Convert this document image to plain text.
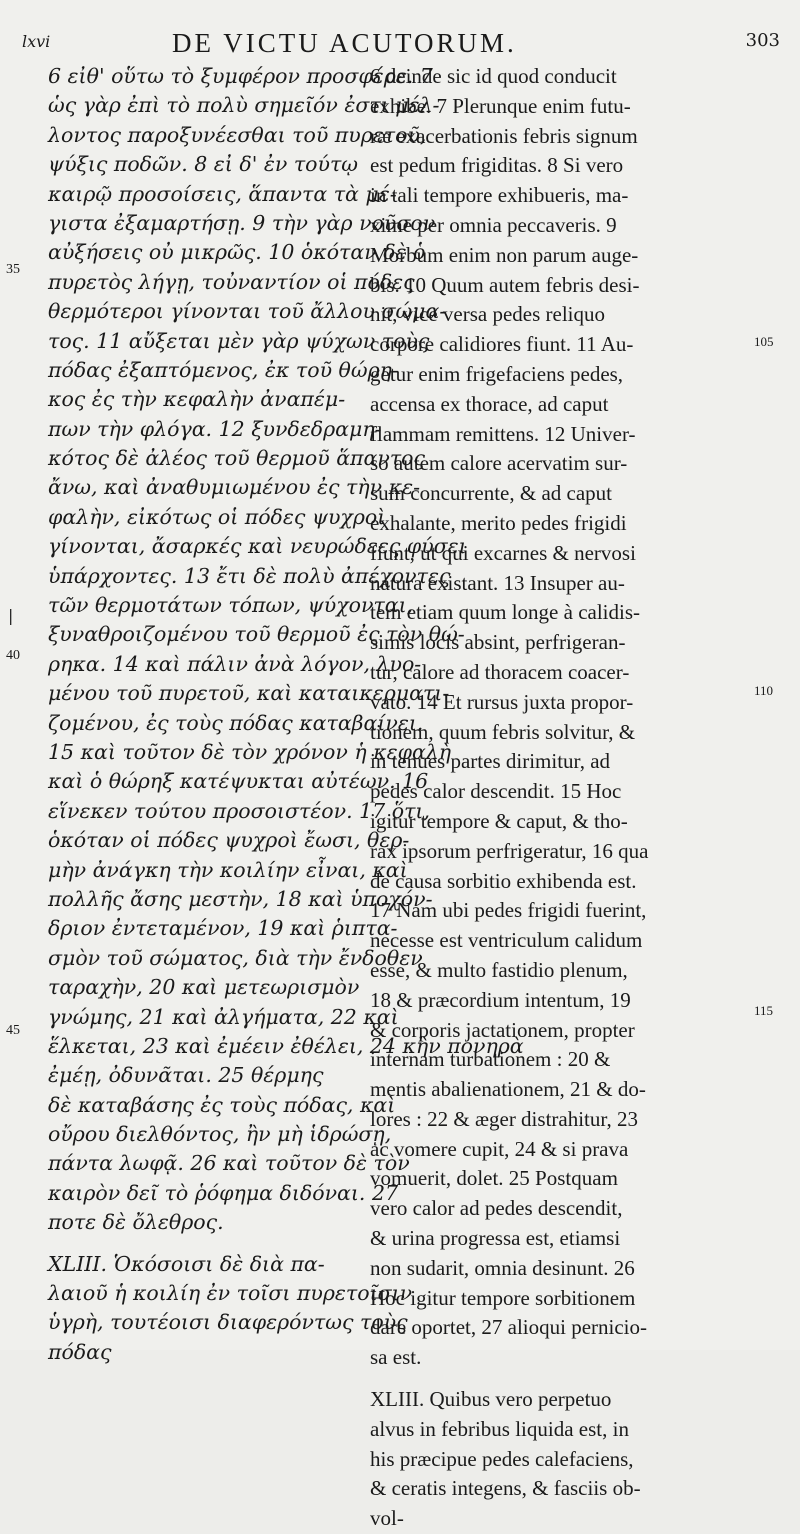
lxvi	DE VICTU ACUTORUM.	303
6 εἰθ' οὕτω τὸ ξυμφέρον προσφέρε. 7
ὡς γὰρ ἐπὶ τὸ πολὺ σημεῖόν ἐστι μέλ-
λοντος παροξυνέεσθαι τοῦ πυρετοῦ,
ψύξις ποδῶν. 8 εἰ δ' ἐν τούτῳ
καιρῷ προσοίσεις, ἅπαντα τὰ μέ-
γιστα ἐξαμαρτήσῃ. 9 τὴν γὰρ νοῦσον
αὐξήσεις οὐ μικρῶς. 10 ὁκόταν δὲ ὁ
πυρετὸς λήγῃ, τοὐναντίον οἱ πόδες
θερμότεροι γίνονται τοῦ ἄλλου σώμα-
τος. 11 αὔξεται μὲν γὰρ ψύχων τοὺς
πόδας ἐξαπτόμενος, ἐκ τοῦ θώρη-
κος ἐς τὴν κεφαλὴν ἀναπέμ-
πων τὴν φλόγα. 12 ξυνδεδραμη-
κότος δὲ ἀλέος τοῦ θερμοῦ ἅπαντος
ἄνω, καὶ ἀναθυμιωμένου ἐς τὴν κε-
φαλὴν, εἰκότως οἱ πόδες ψυχροὶ
γίνονται, ἄσαρκές καὶ νευρώδεες φύσει
ὑπάρχοντες. 13 ἔτι δὲ πολὺ ἀπέχοντες
τῶν θερμοτάτων τόπων, ψύχονται,
ξυναθροιζομένου τοῦ θερμοῦ ἐς τὸν θώ-
ρηκα. 14 καὶ πάλιν ἀνὰ λόγον, λυο-
μένου τοῦ πυρετοῦ, καὶ καταικερματι-
ζομένου, ἐς τοὺς πόδας καταβαίνει.
15 καὶ τοῦτον δὲ τὸν χρόνον ἡ κεφαλὴ
καὶ ὁ θώρηξ κατέψυκται αὐτέων. 16
εἵνεκεν τούτου προσοιστέον. 17 ὅτι,
ὁκόταν οἱ πόδες ψυχροὶ ἔωσι, θερ-
μὴν ἀνάγκη τὴν κοιλίην εἶναι, καὶ
πολλῆς ἄσης μεστὴν, 18 καὶ ὑποχόν-
δριον ἐντεταμένον, 19 καὶ ῥιπτα-
σμὸν τοῦ σώματος, διὰ τὴν ἔνδοθεν
ταραχὴν, 20 καὶ μετεωρισμὸν
γνώμης, 21 καὶ ἀλγήματα, 22 καὶ
ἕλκεται, 23 καὶ ἐμέειν ἐθέλει, 24 κἢν πονηρὰ
ἐμέῃ, ὀδυνᾶται. 25 θέρμης
δὲ καταβάσης ἐς τοὺς πόδας, καὶ
οὔρου διελθόντος, ἢν μὴ ἱδρώσῃ,
πάντα λωφᾷ. 26 καὶ τοῦτον δὲ τὸν
καιρὸν δεῖ τὸ ῥόφημα διδόναι. 27
ποτε δὲ ὄλεθρος.
XLIII. Ὁκόσοισι δὲ διὰ πα-
λαιοῦ ἡ κοιλίη ἐν τοῖσι πυρετοῖσιν
ὑγρὴ, τουτέοισι διαφερόντως τοὺς
πόδας
6 deinde sic id quod conducit
exhibe. 7 Plerunque enim futu-
ræ exacerbationis febris signum
est pedum frigiditas. 8 Si vero
in tali tempore exhibueris, ma-
xime per omnia peccaveris. 9
Morbum enim non parum auge-
bis. 10 Quum autem febris desi-
nit, vice versa pedes reliquo
corpore calidiores fiunt. 11 Au-
getur enim frigefaciens pedes,
accensa ex thorace, ad caput
flammam remittens. 12 Univer-
so autem calore acervatim sur-
sum concurrente, & ad caput
exhalante, merito pedes frigidi
fiunt, ut qui excarnes & nervosi
natura existant. 13 Insuper au-
tem etiam quum longe à calidis-
simis locis absint, perfrigeran-
tur, calore ad thoracem coacer-
vato. 14 Et rursus juxta propor-
tionem, quum febris solvitur, &
in tenues partes dirimitur, ad
pedes calor descendit. 15 Hoc
igitur tempore & caput, & tho-
rax ipsorum perfrigeratur, 16 qua
de causa sorbitio exhibenda est.
17 Nam ubi pedes frigidi fuerint,
necesse est ventriculum calidum
esse, & multo fastidio plenum,
18 & præcordium intentum, 19
& corporis jactationem, propter
internam turbationem : 20 &
mentis abalienationem, 21 & do-
lores : 22 & æger distrahitur, 23
ac vomere cupit, 24 & si prava
vomuerit, dolet. 25 Postquam
vero calor ad pedes descendit,
& urina progressa est, etiamsi
non sudarit, omnia desinunt. 26
Hoc igitur tempore sorbitionem
dare oportet, 27 alioqui pernicio-
sa est.
XLIII. Quibus vero perpetuo
alvus in febribus liquida est, in
his præcipue pedes calefaciens,
& ceratis integens, & fasciis ob-
vol-
35
40
45
|
105
110
115
